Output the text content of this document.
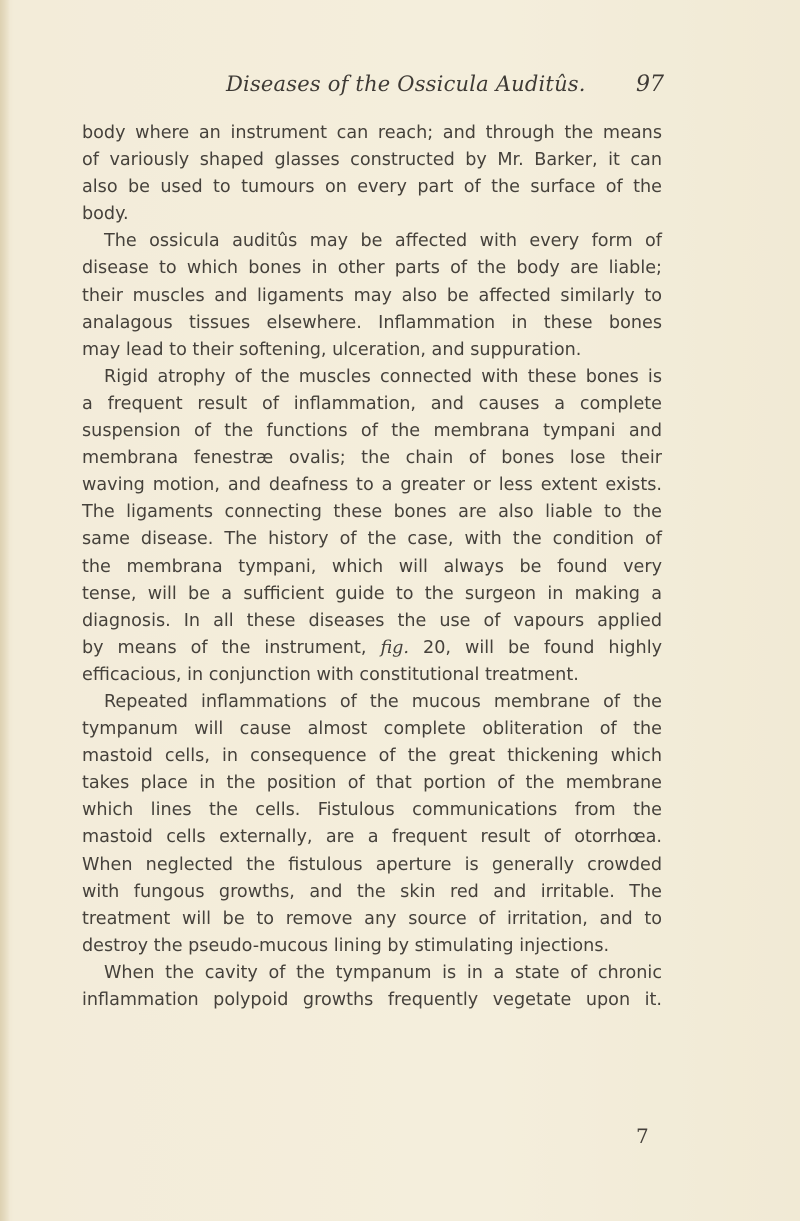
Diseases of the Ossicula Auditûs. 97
body where an instrument can reach; and through the means
of variously shaped glasses constructed by Mr. Barker, it can
also be used to tumours on every part of the surface of the
body.
The ossicula auditûs may be affected with every form of
disease to which bones in other parts of the body are liable;
their muscles and ligaments may also be affected similarly to
analagous tissues elsewhere. Inflammation in these bones
may lead to their softening, ulceration, and suppuration.
Rigid atrophy of the muscles connected with these bones is
a frequent result of inflammation, and causes a complete
suspension of the functions of the membrana tympani and
membrana fenestræ ovalis; the chain of bones lose their
waving motion, and deafness to a greater or less extent exists.
The ligaments connecting these bones are also liable to the
same disease. The history of the case, with the condition of
the membrana tympani, which will always be found very
tense, will be a sufficient guide to the surgeon in making a
diagnosis. In all these diseases the use of vapours applied
by means of the instrument, fig. 20, will be found highly
efficacious, in conjunction with constitutional treatment.
Repeated inflammations of the mucous membrane of the
tympanum will cause almost complete obliteration of the
mastoid cells, in consequence of the great thickening which
takes place in the position of that portion of the membrane
which lines the cells. Fistulous communications from the
mastoid cells externally, are a frequent result of otorrhœa.
When neglected the fistulous aperture is generally crowded
with fungous growths, and the skin red and irritable. The
treatment will be to remove any source of irritation, and to
destroy the pseudo-mucous lining by stimulating injections.
When the cavity of the tympanum is in a state of chronic
inflammation polypoid growths frequently vegetate upon it.
7
